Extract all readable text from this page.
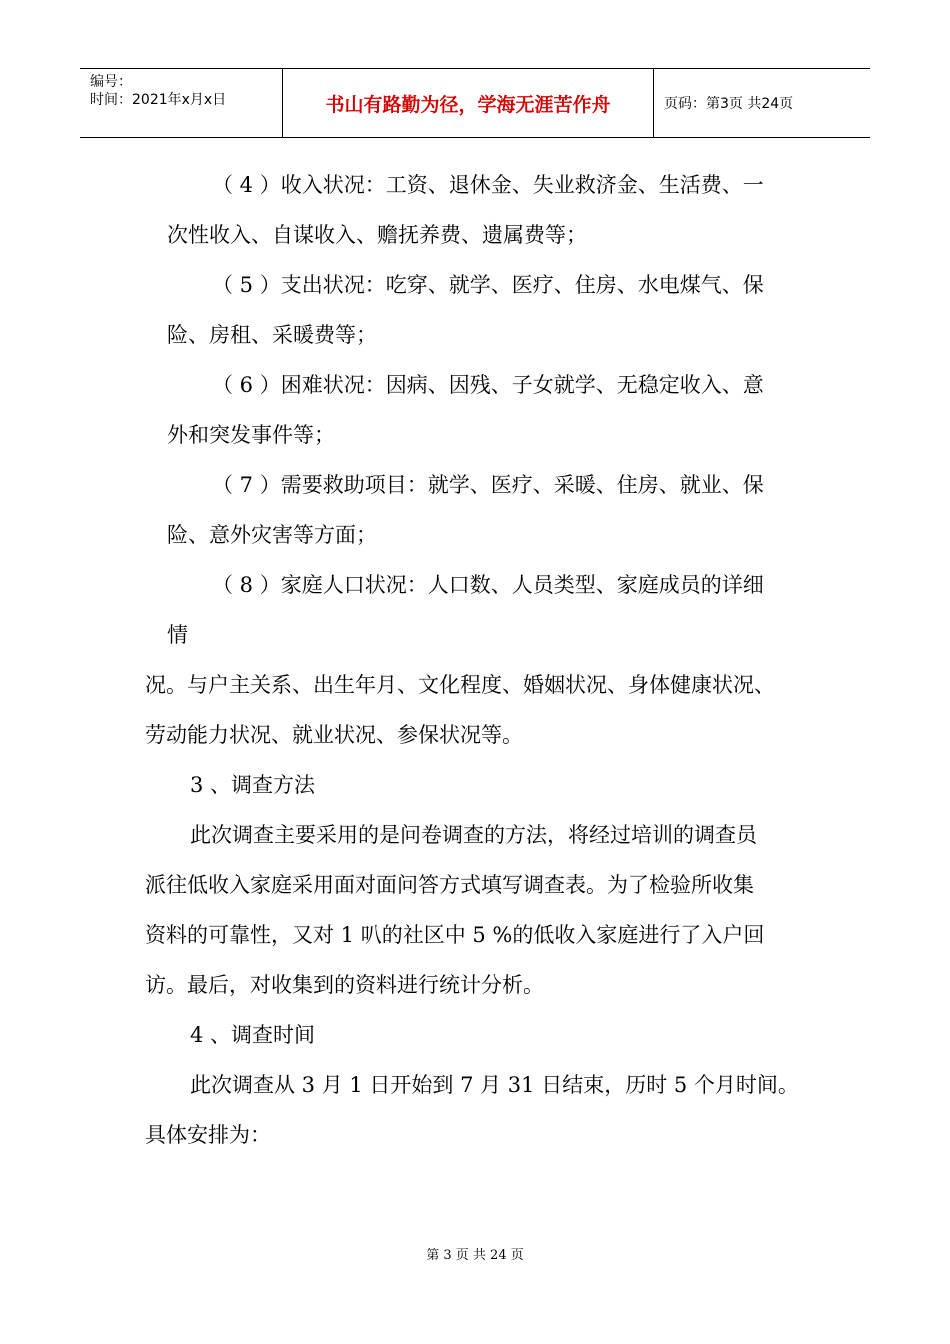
编号：
时间：2021年x月x日	书山有路勤为径，学海无涯苦作舟	页码：第3页 共24页
（ 4 ）收入状况：工资、退休金、失业救济金、生活费、一
次性收入、自谋收入、赡抚养费、遗属费等；
（ 5 ）支出状况：吃穿、就学、医疗、住房、水电煤气、保
险、房租、采暖费等；
（ 6 ）困难状况：因病、因残、子女就学、无稳定收入、意
外和突发事件等；
（ 7 ）需要救助项目：就学、医疗、采暖、住房、就业、保
险、意外灾害等方面；
（ 8 ）家庭人口状况：人口数、人员类型、家庭成员的详细
情
况。与户主关系、出生年月、文化程度、婚姻状况、身体健康状况、
劳动能力状况、就业状况、参保状况等。
3 、调查方法
此次调查主要采用的是问卷调查的方法，将经过培训的调查员
派往低收入家庭采用面对面问答方式填写调查表。为了检验所收集
资料的可靠性，又对 1 叭的社区中 5 %的低收入家庭进行了入户回
访。最后，对收集到的资料进行统计分析。
4 、调查时间
此次调查从 3 月 1 日开始到 7 月 31 日结束，历时 5 个月时间。
具体安排为：
第 3 页 共 24 页
